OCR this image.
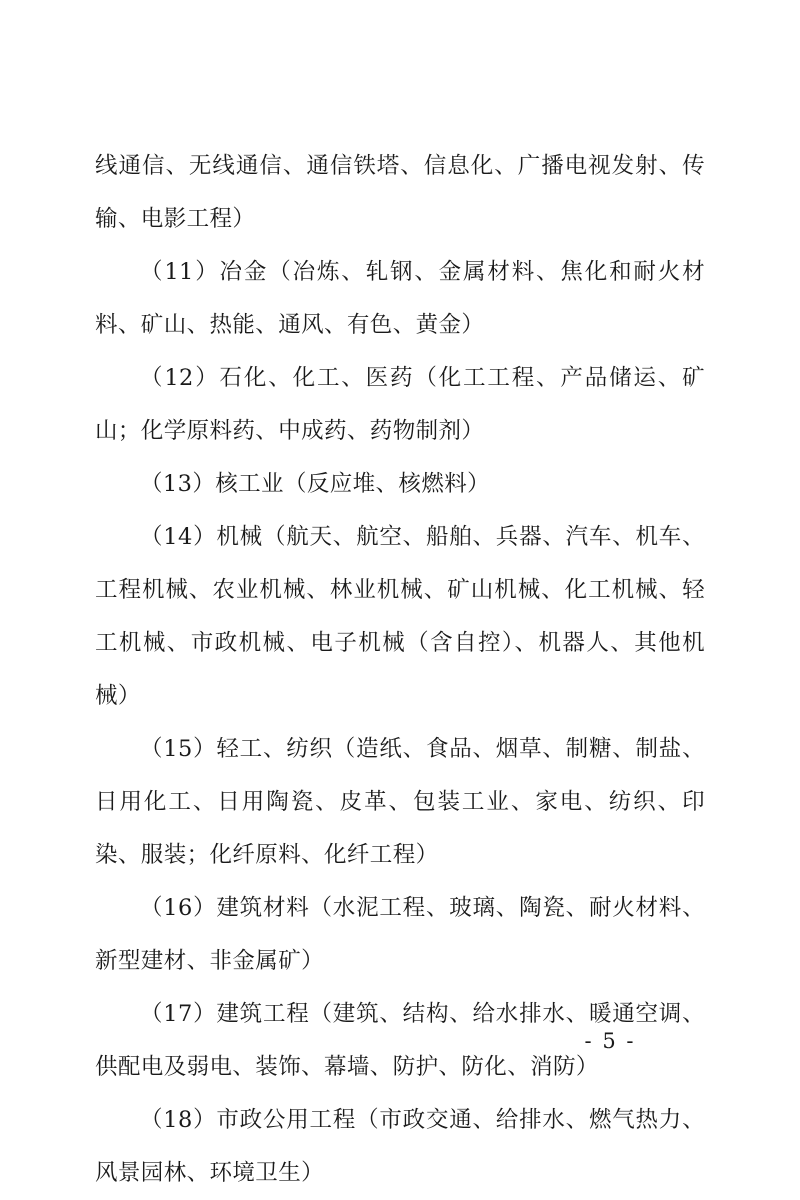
线通信、无线通信、通信铁塔、信息化、广播电视发射、传输、电影工程）

（11）冶金（冶炼、轧钢、金属材料、焦化和耐火材料、矿山、热能、通风、有色、黄金）

（12）石化、化工、医药（化工工程、产品储运、矿山；化学原料药、中成药、药物制剂）

（13）核工业（反应堆、核燃料）

（14）机械（航天、航空、船舶、兵器、汽车、机车、工程机械、农业机械、林业机械、矿山机械、化工机械、轻工机械、市政机械、电子机械（含自控）、机器人、其他机械）

（15）轻工、纺织（造纸、食品、烟草、制糖、制盐、日用化工、日用陶瓷、皮革、包装工业、家电、纺织、印染、服装；化纤原料、化纤工程）

（16）建筑材料（水泥工程、玻璃、陶瓷、耐火材料、新型建材、非金属矿）

（17）建筑工程（建筑、结构、给水排水、暖通空调、供配电及弱电、装饰、幕墙、防护、防化、消防）

（18）市政公用工程（市政交通、给排水、燃气热力、风景园林、环境卫生）

- 5 -
